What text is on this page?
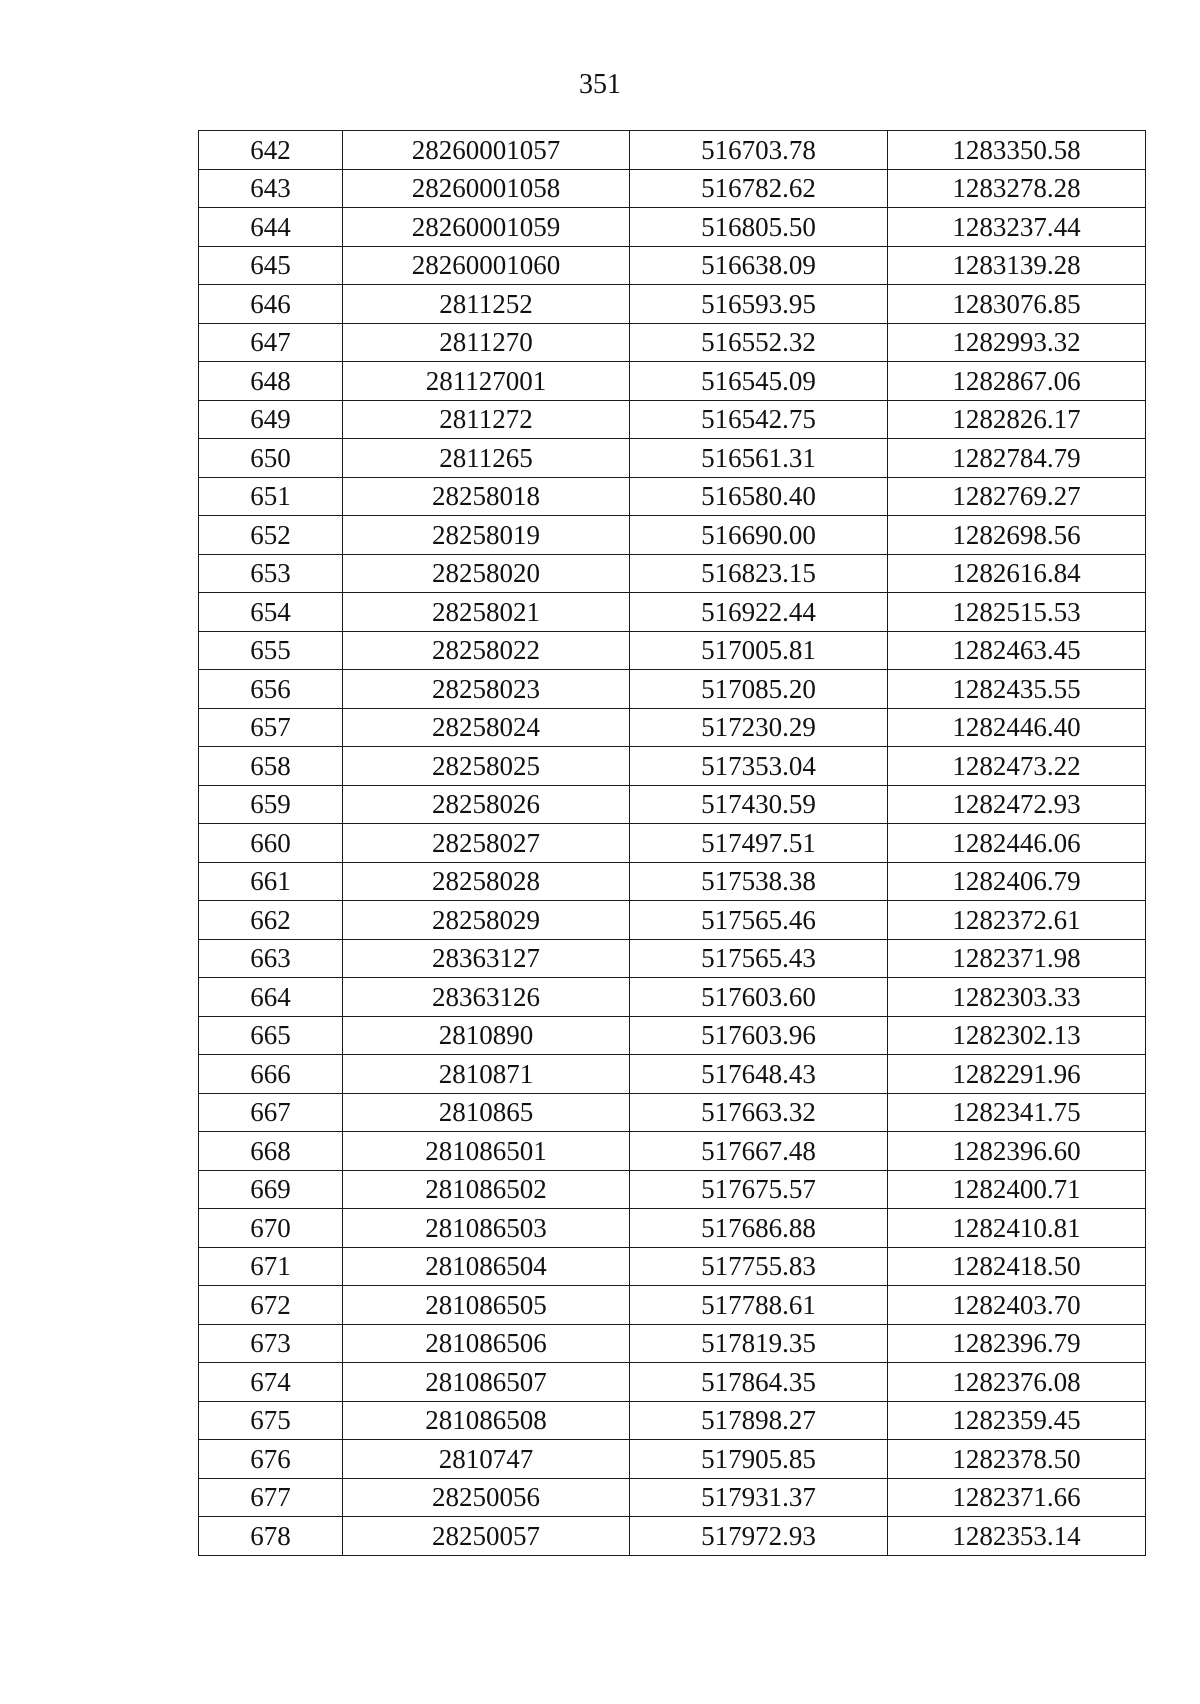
351
642	28260001057	516703.78	1283350.58
643	28260001058	516782.62	1283278.28
644	28260001059	516805.50	1283237.44
645	28260001060	516638.09	1283139.28
646	2811252	516593.95	1283076.85
647	2811270	516552.32	1282993.32
648	281127001	516545.09	1282867.06
649	2811272	516542.75	1282826.17
650	2811265	516561.31	1282784.79
651	28258018	516580.40	1282769.27
652	28258019	516690.00	1282698.56
653	28258020	516823.15	1282616.84
654	28258021	516922.44	1282515.53
655	28258022	517005.81	1282463.45
656	28258023	517085.20	1282435.55
657	28258024	517230.29	1282446.40
658	28258025	517353.04	1282473.22
659	28258026	517430.59	1282472.93
660	28258027	517497.51	1282446.06
661	28258028	517538.38	1282406.79
662	28258029	517565.46	1282372.61
663	28363127	517565.43	1282371.98
664	28363126	517603.60	1282303.33
665	2810890	517603.96	1282302.13
666	2810871	517648.43	1282291.96
667	2810865	517663.32	1282341.75
668	281086501	517667.48	1282396.60
669	281086502	517675.57	1282400.71
670	281086503	517686.88	1282410.81
671	281086504	517755.83	1282418.50
672	281086505	517788.61	1282403.70
673	281086506	517819.35	1282396.79
674	281086507	517864.35	1282376.08
675	281086508	517898.27	1282359.45
676	2810747	517905.85	1282378.50
677	28250056	517931.37	1282371.66
678	28250057	517972.93	1282353.14
